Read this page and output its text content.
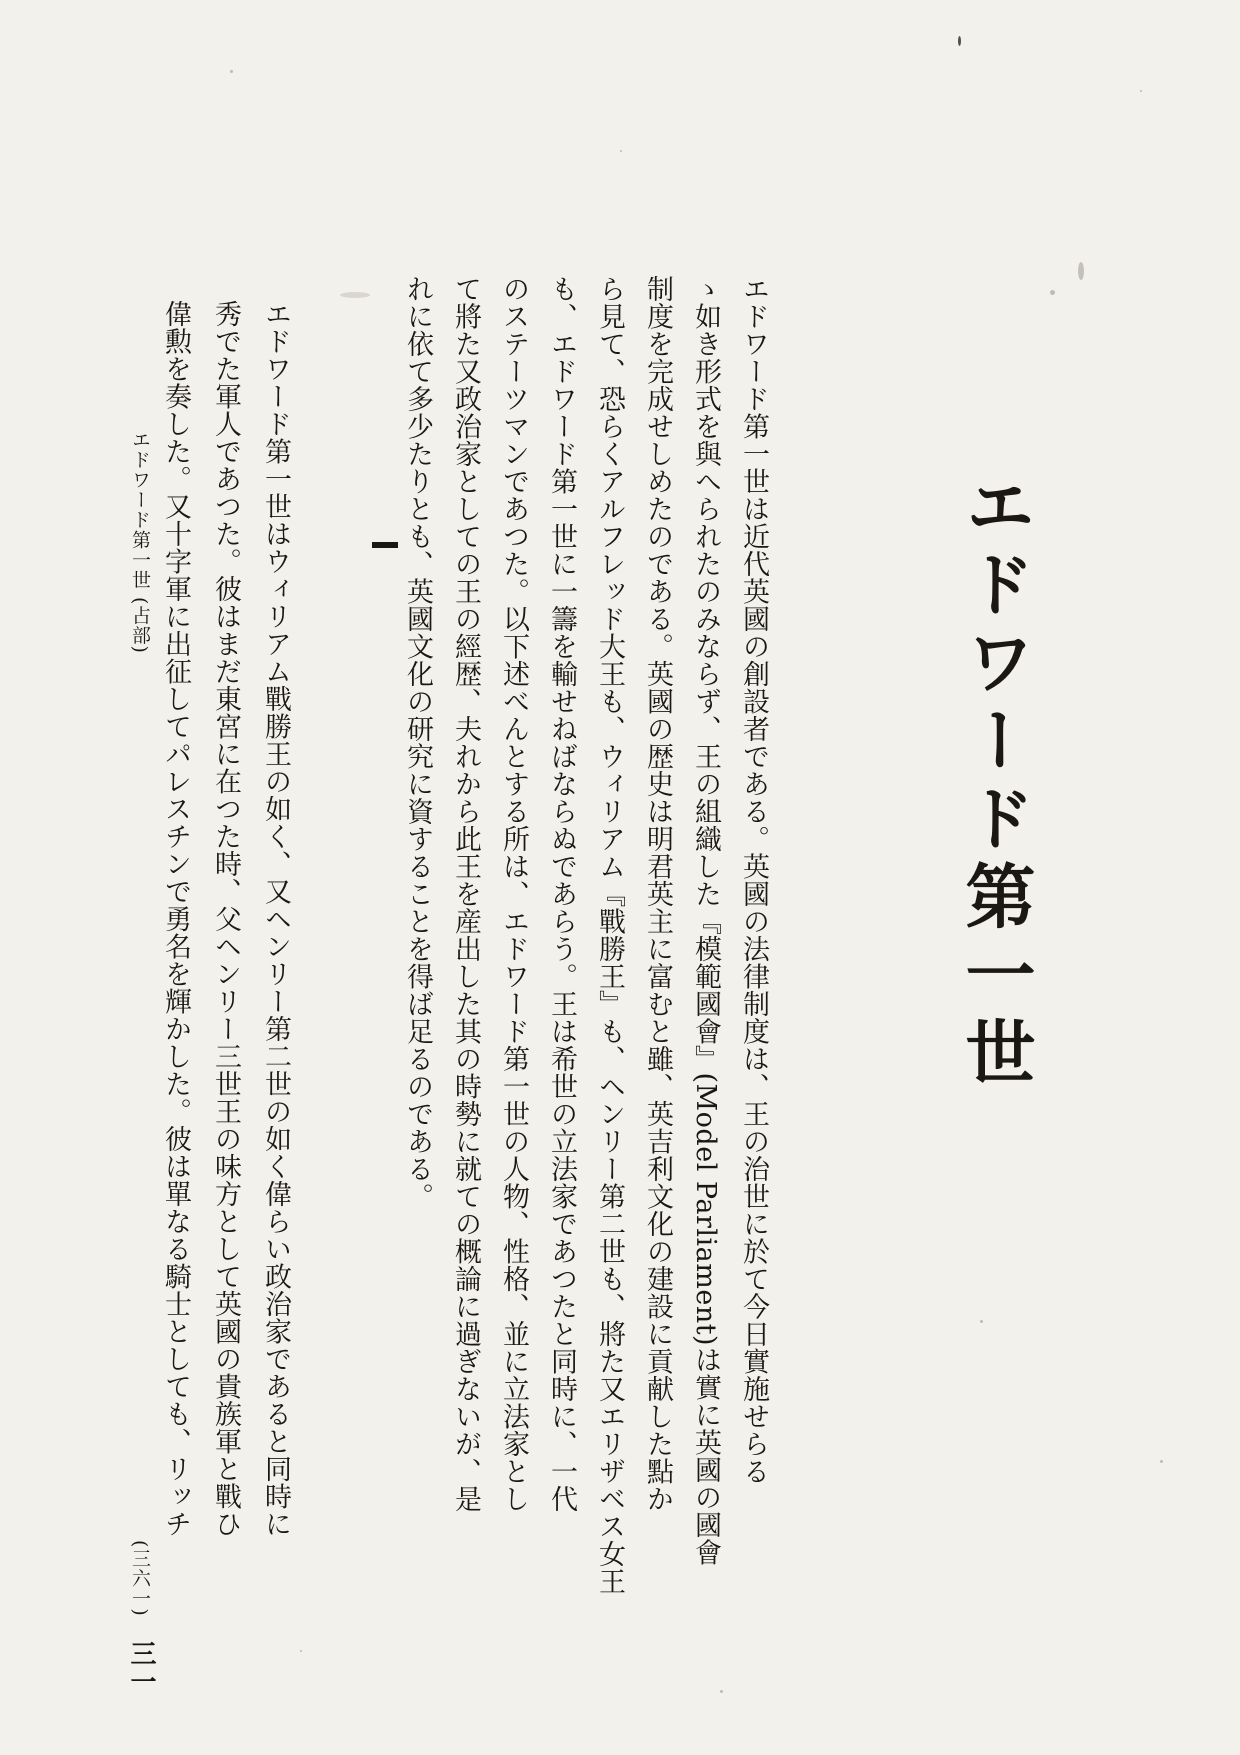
エドワード第一世
エドワード第一世は近代英國の創設者である。英國の法律制度は、王の治世に於て今日實施せらる
ゝ如き形式を與へられたのみならず、王の組織した『模範國會』(Model Parliament)は實に英國の國會
制度を完成せしめたのである。英國の歴史は明君英主に富むと雖、英吉利文化の建設に貢献した點か
ら見て、恐らくアルフレッド大王も、ウィリアム『戰勝王』も、ヘンリー第二世も、將た又エリザベス女王
も、エドワード第一世に一籌を輸せねばならぬであらう。王は希世の立法家であつたと同時に、一代
のステーツマンであつた。以下述べんとする所は、エドワード第一世の人物、性格、並に立法家とし
て將た又政治家としての王の經歴、夫れから此王を産出した其の時勢に就ての概論に過ぎないが、是
れに依て多少たりとも、英國文化の研究に資することを得ば足るのである。
エドワード第一世はウィリアム戰勝王の如く、又ヘンリー第二世の如く偉らい政治家であると同時に
秀でた軍人であつた。彼はまだ東宮に在つた時、父ヘンリー三世王の味方として英國の貴族軍と戰ひ
偉勲を奏した。又十字軍に出征してパレスチンで勇名を輝かした。彼は單なる騎士としても、リッチ
エドワード第一世 (占部)
(三六一)
三一
